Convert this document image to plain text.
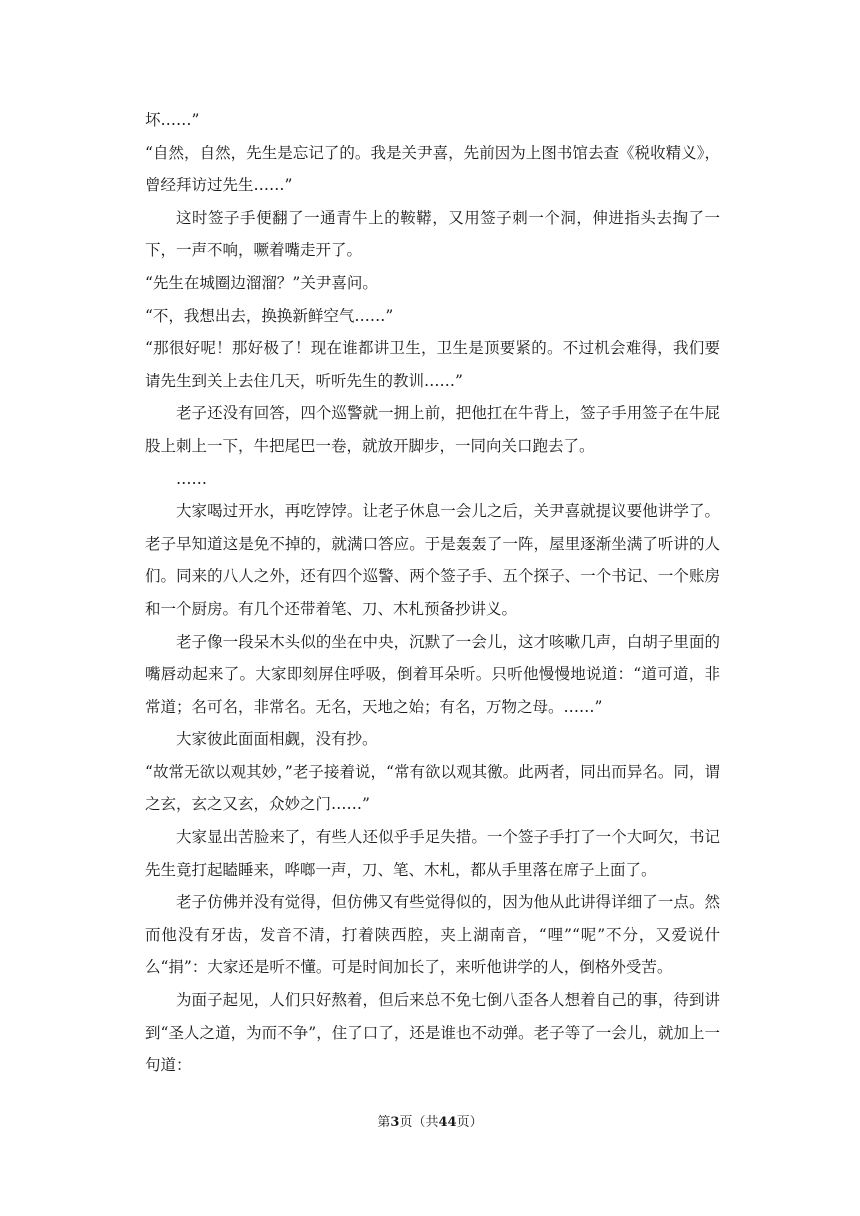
坏……”

“自然，自然，先生是忘记了的。我是关尹喜，先前因为上图书馆去查《税收精义》，曾经拜访过先生……”

这时签子手便翻了一通青牛上的鞍鞯，又用签子刺一个洞，伸进指头去掏了一下，一声不响，噘着嘴走开了。

“先生在城圈边溜溜？”关尹喜问。

“不，我想出去，换换新鲜空气……”

“那很好呢！那好极了！现在谁都讲卫生，卫生是顶要紧的。不过机会难得，我们要请先生到关上去住几天，听听先生的教训……”

老子还没有回答，四个巡警就一拥上前，把他扛在牛背上，签子手用签子在牛屁股上刺上一下，牛把尾巴一卷，就放开脚步，一同向关口跑去了。

……

大家喝过开水，再吃饽饽。让老子休息一会儿之后，关尹喜就提议要他讲学了。老子早知道这是免不掉的，就满口答应。于是轰轰了一阵，屋里逐渐坐满了听讲的人们。同来的八人之外，还有四个巡警、两个签子手、五个探子、一个书记、一个账房和一个厨房。有几个还带着笔、刀、木札预备抄讲义。

老子像一段呆木头似的坐在中央，沉默了一会儿，这才咳嗽几声，白胡子里面的嘴唇动起来了。大家即刻屏住呼吸，倒着耳朵听。只听他慢慢地说道：“道可道，非常道；名可名，非常名。无名，天地之始；有名，万物之母。……”

大家彼此面面相觑，没有抄。

“故常无欲以观其妙，”老子接着说，“常有欲以观其徼。此两者，同出而异名。同，谓之玄，玄之又玄，众妙之门……”

大家显出苦脸来了，有些人还似乎手足失措。一个签子手打了一个大呵欠，书记先生竟打起瞌睡来，哗啷一声，刀、笔、木札，都从手里落在席子上面了。

老子仿佛并没有觉得，但仿佛又有些觉得似的，因为他从此讲得详细了一点。然而他没有牙齿，发音不清，打着陕西腔，夹上湖南音，“哩”“呢”不分，又爱说什么“捐”：大家还是听不懂。可是时间加长了，来听他讲学的人，倒格外受苦。

为面子起见，人们只好熬着，但后来总不免七倒八歪各人想着自己的事，待到讲到“圣人之道，为而不争”，住了口了，还是谁也不动弹。老子等了一会儿，就加上一句道：

第3页（共44页）
